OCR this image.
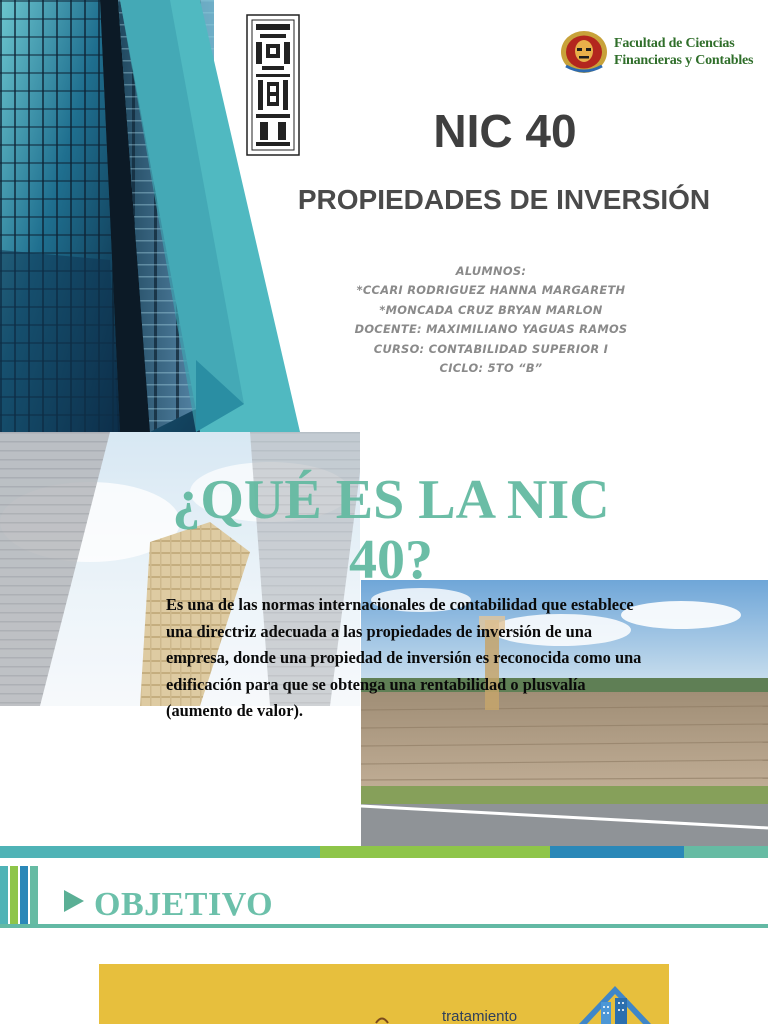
Facultad de Ciencias
Financieras y Contables
NIC 40
PROPIEDADES DE INVERSIÓN
ALUMNOS:
*CCARI RODRIGUEZ HANNA MARGARETH
*MONCADA CRUZ BRYAN MARLON
DOCENTE: MAXIMILIANO YAGUAS RAMOS
CURSO: CONTABILIDAD SUPERIOR I
CICLO: 5TO “B”
¿QUÉ ES LA NIC 40?

Es una de las normas internacionales de contabilidad que establece una directriz adecuada a las propiedades de inversión de una empresa, donde una propiedad de inversión es reconocida como una edificación para que se obtenga una rentabilidad o plusvalía (aumento de valor).

OBJETIVO
tratamiento
